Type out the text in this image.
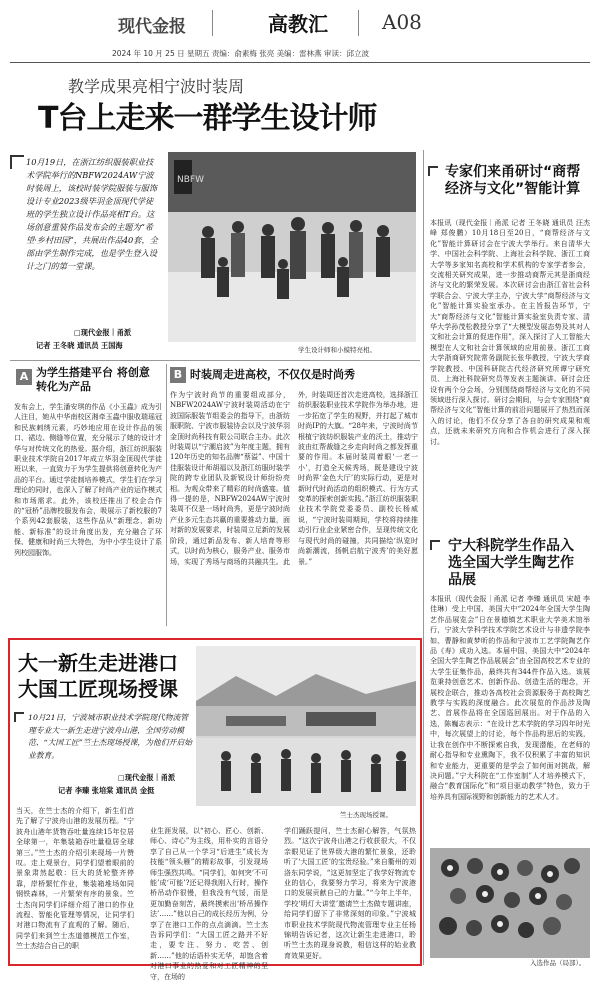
现代金报	高教汇	A08
2024 年 10 月 25 日 星期五 责编：俞素梅 张亮 美编：雷林燕 审读：邱立波
教学成果亮相宁波时装周
T台上走来一群学生设计师
10月19日，在浙江纺织服装职业技术学院举行的NBFW2024AW宁波时装周上，该校时装学院服装与服饰设计专业2023级毕羽金顶现代学徒班的学生独立设计作品亮相T台。这场创意重装作品发布会的主题为“希望·乡村田园”，共展出作品40套，全部由学生制作完成，也是学生登入设计之门的第一堂课。
□现代金报｜甬派
记者 王冬晓 通讯员 王国海
NBFW
学生设计师和小模特亮相。
A 为学生搭建平台 将创意转化为产品
发布会上，学生潘安琪的作品《小玉蟲》成为引人注目，她从中华南校区湘牵玉蟲中服收瑞瑶冠和民族刺绣元素，巧妙地应用在设计作品的领口、裙边、侧缝等位置，充分展示了她的设计才华与对传统文化的热爱。据介绍，浙江纺织服装职业技术学院自2017年成立华羽金顶现代学徒班以来，一直致力于为学生提供将创意转化为产品的平台。通过学徒制培养模式，学生们在学习理论的同时，也深入了解了时尚产业的运作模式和市场需求。此外，该校还推出了校企合作的“冠桥”品牌校服发布会，吸展示了新校服的7个系列42套服装，这些作品从“新理念、新功能、新标准”的设计角度出发，充分融合了环保、健康和时尚三大特色，为中小学生设计了系列校园服饰。
B 时装周走进高校，不仅仅是时尚秀
作为宁波时尚节的重要组成部分，NBFW2024AW宁波时装周活动在宁波国际服装节组委会的指导下，由浙纺服职院、宁波市服装协会以及宁波华羽金顶时尚科技有限公司联合主办。此次时装周以“宁潮启波”为年度主题，拥有120年历史的知名品牌“蔡溢”、中国十佳服装设计师胡福以及浙江纺服时装学院的跨专业团队及新锐设计师纷纷亮相。为观众带来了精彩的时尚盛宴。值得一提的是，NBFW2024AW宁波时装周不仅是一场时尚秀，更是宁波时尚产业多元生态共赢的重要推动力量，面对新的发展要求，时装周立足新的发展阶段，通过新品发布、新人培育等形式，以时尚为核心，服务产业、服务市场，实现了秀场与商场的共融共生。此外，时装周还首次走进高校，选择浙江纺织服装职业技术学院作为举办地，进一步拓宽了学生的视野，并打起了城市时尚IP的大旗。“28年来，宁波时尚节根植宁波纺织服装产业的沃土，推动宁波由红帮裁缝之乡走向时尚之都发挥重要的作用。本届时装周着眼‘一老一小’，打造全天候秀场，既是建设宁波时尚界‘金色大厅’的实际行动，更是对新时代时尚活动的组织模式、行为方式变革的探索创新实践。”浙江纺织服装职业技术学院党委委员、副校长杨威说，“宁波时装周期间，学校将持续推动引行业企业紧密合作，呈现传统文化与现代时尚的碰撞，共同描绘‘纵览时尚新潮流，扬帆启航宁波秀’的美好愿景。”
专家们来甬研讨“商帮经济与文化”智能计算
本报讯（现代金报｜甬派 记者 王冬晓 通讯员 汪杰峰 郑俊鹏）10月18日至20日，“商帮经济与文化”智能计算研讨会在宁波大学举行。来自清华大学、中国社会科学院、上海社会科学院、浙江工商大学等多家知名高校和学术机构的专家学者参会，交流相关研究成果，进一步推动商帮元其是浙商经济与文化的繁荣发展。本次研讨会由浙江省社会科学联合会、宁波大学主办，宁波大学“商帮经济与文化”智能计算实验室承办。在主旨报告环节，宁大“商帮经济与文化”智能计算实验室负责专家、清华大学孙茂松教授分享了“大模型发展态势及其对人文和社会计算的促进作用”，深入探讨了人工智能大模型在人文和社会计算领域的应用前景。浙江工商大学浙商研究院常务副院长张华教授，宁波大学商学院教授、中国科研院古代经济研究所谭宁研究员、上海社科院研究员等发表主题演讲。研讨会还设有两个分会场，分别围绕商帮经济与文化的不同领域进行深入探讨。研讨会期间，与会专家围绕“商帮经济与文化”智能计算的前沿问题展开了热烈而深入的讨论，他们不仅分享了各自的研究成果和观点，还就未来研究方向和合作机会进行了深入探讨。
宁大科院学生作品入选全国大学生陶艺作品展
本报讯（现代金报｜甬派 记者 李臻 通讯员 宋超 李佳琳）受上中国、美国大中“2024年全国大学生陶艺作品展览会”日在景德镇艺术职业大学美术馆举行，宁波大学科学技术学院艺术设计与非遗学院李如、曹静和黄梦昕的作品和宁波市工艺学院陶艺作品《寿》成功入选。本届中国、美国大中“2024年全国大学生陶艺作品展展会”由全国高校艺术专业的大学生征集作品，最终共有344件作品入选。该展览秉持创意艺术、创新作品、创造生活的理念，开展校企联合，推动各高校社会资源服务于高校陶艺教学与实践的深度融合。此次展览的作品涉及陶艺、首展作品将在全国巡回展出。对于作品的入选，陈巍志表示：“在设计艺术学院的学习四年时光中，每次展望上的讨论，每个作品构思后的实践，让我在创作中不断探索自我，发现潜能，在老师的耐心指导和专业熏陶下，我不仅积累了丰富的知识和专业能力，更重要的是学会了如何面对挑战，解决问题。”宁大科院在“工作室制”人才培养模式下，融合“教育国际化”和“项目驱动教学”特色，致力于培养具有国际视野和创新能力的艺术人才。
入选作品（局部）。
大一新生走进港口
大国工匠现场授课
竺士杰现场授课。
10月21日，宁波城市职业技术学院现代物流管理专业大一新生走进宁波舟山港，全国劳动模范、“大国工匠”竺士杰现场授课，为他们开启始业教育。
□现代金报｜甬派
记者 李臻 张培棠 通讯员 金挺
当天，在竺士杰的介绍下，新生们首先了解了宁波舟山港的发展历程。“宁波舟山港年货物吞吐量连续15年位居全球第一，年集装箱吞吐量稳居全球第三。”竺士杰的介绍引来现场一片赞叹。走上观景台，同学们望着眼前的景象肃然起敬：巨大的货轮整齐停靠，岸桥繁忙作业，集装箱堆场如同钢铁森林，一片繁荣有序的景象。竺士杰向同学们详细介绍了港口的作业流程、智能化管理等情况，让同学们对港口物流有了直观的了解。随后，同学们来到竺士杰道德模范工作室，竺士杰结合自己的职
业生涯发展，以“初心、匠心、创新、师心、诗心”为主线，用朴实的言语分享了自己从一个学习“后进生”成长为技能“领头雁”的精彩故事，引发现场师生强烈共鸣。“同学们，如何突‘不可能’成‘可能’?还记得我刚入行时，操作桥吊动作很慢，但我没有气馁，而是更加勤奋刻苦，最终摸索出‘桥吊操作法’……”他以自己的成长经历为例，分享了在港口工作的点点滴滴。竺士杰告诉同学们：“大国工匠之路并不好走，要专注、努力、吃苦、创新……”他的话语朴实无华，却饱含着对港口事业的热爱和对工匠精神的坚守，在场的
学们踊跃提问，竺士杰耐心解答，气氛热烈。“这次宁波舟山港之行收获很大，不仅亲眼见证了世界级大港的繁忙景象，还聆听了‘大国工匠’的宝贵经验。”来自衢州的刘洛东同学说，“这更加坚定了我学好物流专业的信心，我要努力学习，将来为宁波港口的发展贡献自己的力量。”“今年上半年，学校‘明灯大讲堂’邀请竺士杰做专题讲座，给同学们留下了非常深刻的印象。”宁波城市职业技术学院现代物流管理专业主任杨锦明告诉记者，这次让新生走进港口，聆听竺士杰的现身说教，相信这样的始业教育效果更好。
